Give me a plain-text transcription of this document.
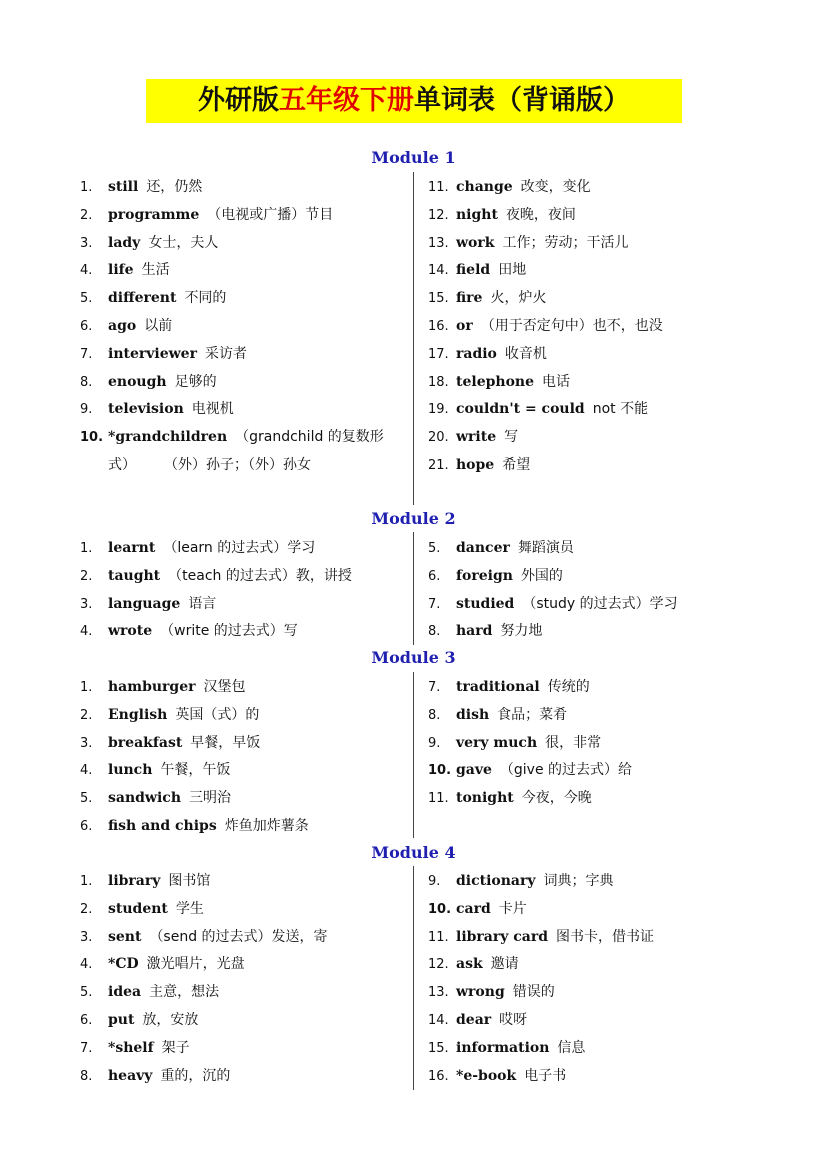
外研版五年级下册单词表（背诵版）
Module 1
1.	still 还，仍然
2.	programme （电视或广播）节目
3.	lady 女士，夫人
4.	life 生活
5.	different 不同的
6.	ago 以前
7.	interviewer 采访者
8.	enough 足够的
9.	television 电视机
10. *grandchildren （grandchild 的复数形式）　　　（外）孙子；（外）孙女
11. change 改变，变化
12. night 夜晚，夜间
13. work 工作；劳动；干活儿
14. field 田地
15. fire 火，炉火
16. or （用于否定句中）也不，也没
17. radio 收音机
18. telephone 电话
19. couldn't = could not 不能
20. write 写
21. hope 希望
Module 2
1.	learnt （learn 的过去式）学习
2.	taught （teach 的过去式）教，讲授
3.	language 语言
4.	wrote （write 的过去式）写
5.	dancer 舞蹈演员
6.	foreign 外国的
7.	studied （study 的过去式）学习
8.	hard 努力地
Module 3
1.	hamburger 汉堡包
2.	English 英国（式）的
3.	breakfast 早餐，早饭
4.	lunch 午餐，午饭
5.	sandwich 三明治
6.	fish and chips 炸鱼加炸薯条
7.	traditional 传统的
8.	dish 食品；菜肴
9.	very much 很，非常
10. gave （give 的过去式）给
11. tonight 今夜，今晚
Module 4
1.	library 图书馆
2.	student 学生
3.	sent （send 的过去式）发送，寄
4.	*CD 激光唱片，光盘
5.	idea 主意，想法
6.	put 放，安放
7.	*shelf 架子
8.	heavy 重的，沉的
9.	dictionary 词典；字典
10. card 卡片
11. library card 图书卡，借书证
12. ask 邀请
13. wrong 错误的
14. dear 哎呀
15. information 信息
16. *e-book 电子书
